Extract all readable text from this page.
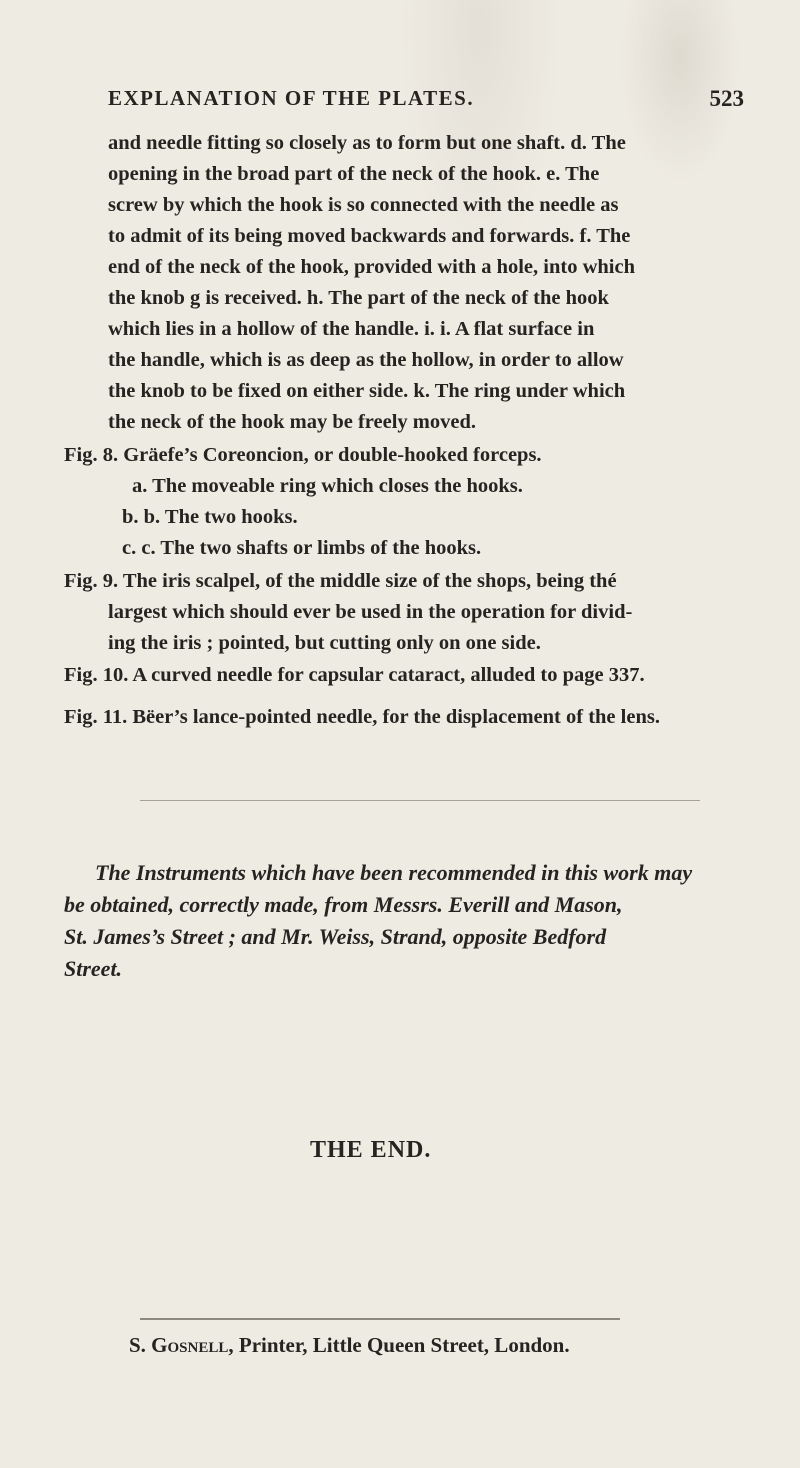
EXPLANATION OF THE PLATES.	523
and needle fitting so closely as to form but one shaft. d. The
opening in the broad part of the neck of the hook. e. The
screw by which the hook is so connected with the needle as
to admit of its being moved backwards and forwards. f. The
end of the neck of the hook, provided with a hole, into which
the knob g is received. h. The part of the neck of the hook
which lies in a hollow of the handle. i. i. A flat surface in
the handle, which is as deep as the hollow, in order to allow
the knob to be fixed on either side. k. The ring under which
the neck of the hook may be freely moved.
Fig. 8. Gräefe’s Coreoncion, or double-hooked forceps.
a. The moveable ring which closes the hooks.
b. b. The two hooks.
c. c. The two shafts or limbs of the hooks.
Fig. 9. The iris scalpel, of the middle size of the shops, being thé
largest which should ever be used in the operation for divid-
ing the iris ; pointed, but cutting only on one side.
Fig. 10. A curved needle for capsular cataract, alluded to page 337.
Fig. 11. Bëer’s lance-pointed needle, for the displacement of the lens.
The Instruments which have been recommended in this work may
be obtained, correctly made, from Messrs. Everill and Mason,
St. James’s Street ; and Mr. Weiss, Strand, opposite Bedford
Street.
THE END.
S. Gosnell, Printer, Little Queen Street, London.
